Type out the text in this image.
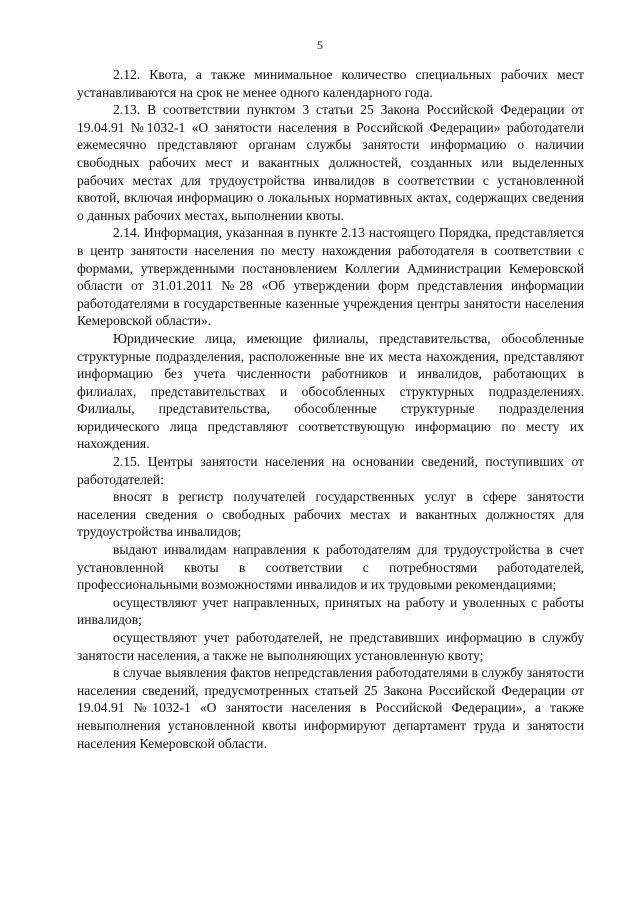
5

2.12. Квота, а также минимальное количество специальных рабочих мест устанавливаются на срок не менее одного календарного года.

2.13. В соответствии пунктом 3 статьи 25 Закона Российской Федерации от 19.04.91 №1032-1 «О занятости населения в Российской Федерации» работодатели ежемесячно представляют органам службы занятости информацию о наличии свободных рабочих мест и вакантных должностей, созданных или выделенных рабочих местах для трудоустройства инвалидов в соответствии с установленной квотой, включая информацию о локальных нормативных актах, содержащих сведения о данных рабочих местах, выполнении квоты.

2.14. Информация, указанная в пункте 2.13 настоящего Порядка, представляется в центр занятости населения по месту нахождения работодателя в соответствии с формами, утвержденными постановлением Коллегии Администрации Кемеровской области от 31.01.2011 №28 «Об утверждении форм представления информации работодателями в государственные казенные учреждения центры занятости населения Кемеровской области».

Юридические лица, имеющие филиалы, представительства, обособленные структурные подразделения, расположенные вне их места нахождения, представляют информацию без учета численности работников и инвалидов, работающих в филиалах, представительствах и обособленных структурных подразделениях. Филиалы, представительства, обособленные структурные подразделения юридического лица представляют соответствующую информацию по месту их нахождения.

2.15. Центры занятости населения на основании сведений, поступивших от работодателей:

вносят в регистр получателей государственных услуг в сфере занятости населения сведения о свободных рабочих местах и вакантных должностях для трудоустройства инвалидов;

выдают инвалидам направления к работодателям для трудоустройства в счет установленной квоты в соответствии с потребностями работодателей, профессиональными возможностями инвалидов и их трудовыми рекомендациями;

осуществляют учет направленных, принятых на работу и уволенных с работы инвалидов;

осуществляют учет работодателей, не представивших информацию в службу занятости населения, а также не выполняющих установленную квоту;

в случае выявления фактов непредставления работодателями в службу занятости населения сведений, предусмотренных статьей 25 Закона Российской Федерации от 19.04.91 №1032-1 «О занятости населения в Российской Федерации», а также невыполнения установленной квоты информируют департамент труда и занятости населения Кемеровской области.
